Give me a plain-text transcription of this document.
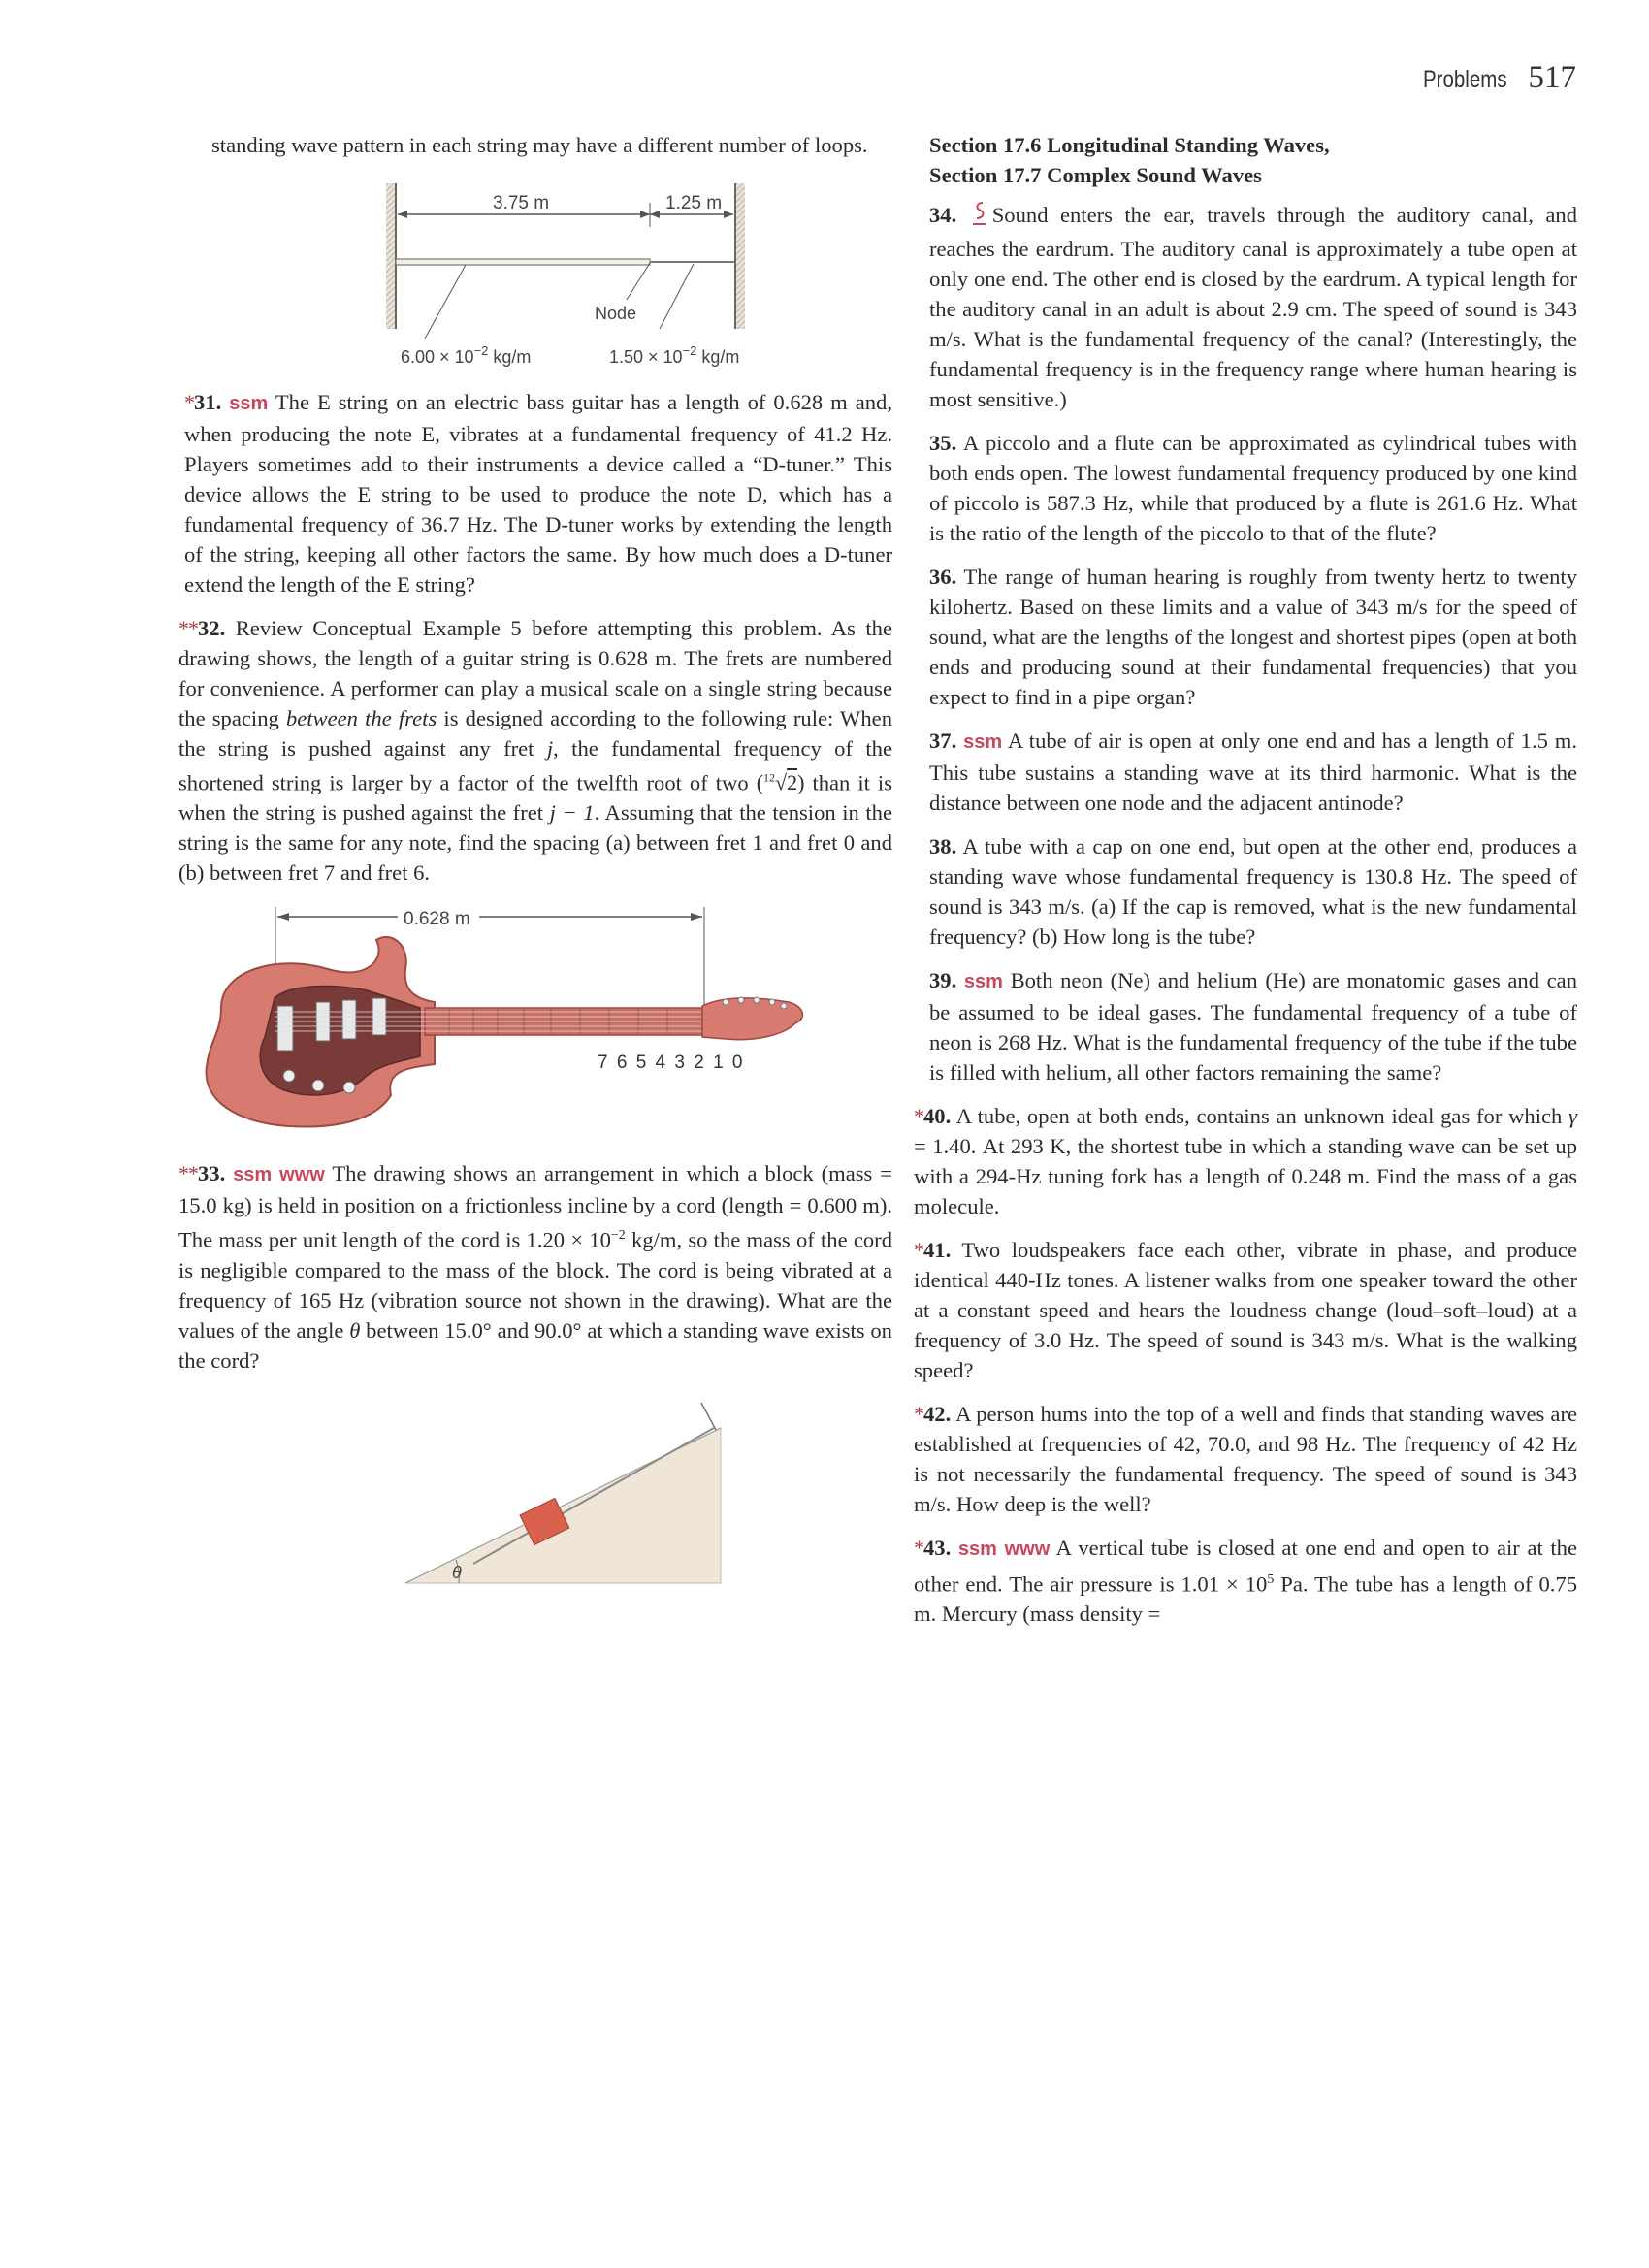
Problems 517

standing wave pattern in each string may have a different number of loops.

3.75 m	1.25 m
Node
$6.00 \times 10^{-2}$ kg/m	$1.50 \times 10^{-2}$ kg/m

*31. ssm The E string on an electric bass guitar has a length of 0.628 m and, when producing the note E, vibrates at a fundamental frequency of 41.2 Hz. Players sometimes add to their instruments a device called a “D-tuner.” This device allows the E string to be used to produce the note D, which has a fundamental frequency of 36.7 Hz. The D-tuner works by extending the length of the string, keeping all other factors the same. By how much does a D-tuner extend the length of the E string?

**32. Review Conceptual Example 5 before attempting this problem. As the drawing shows, the length of a guitar string is 0.628 m. The frets are numbered for convenience. A performer can play a musical scale on a single string because the spacing between the frets is designed according to the following rule: When the string is pushed against any fret j, the fundamental frequency of the shortened string is larger by a factor of the twelfth root of two ($^{12}$√2) than it is when the string is pushed against the fret j − 1. Assuming that the tension in the string is the same for any note, find the spacing (a) between fret 1 and fret 0 and (b) between fret 7 and fret 6.

0.628 m
7 6 5 4 3 2 1 0

**33. ssm www The drawing shows an arrangement in which a block (mass = 15.0 kg) is held in position on a frictionless incline by a cord (length = 0.600 m). The mass per unit length of the cord is $1.20 \times 10^{-2}$ kg/m, so the mass of the cord is negligible compared to the mass of the block. The cord is being vibrated at a frequency of 165 Hz (vibration source not shown in the drawing). What are the values of the angle θ between 15.0° and 90.0° at which a standing wave exists on the cord?

θ
Section 17.6 Longitudinal Standing Waves,
Section 17.7 Complex Sound Waves

34. Sound enters the ear, travels through the auditory canal, and reaches the eardrum. The auditory canal is approximately a tube open at only one end. The other end is closed by the eardrum. A typical length for the auditory canal in an adult is about 2.9 cm. The speed of sound is 343 m/s. What is the fundamental frequency of the canal? (Interestingly, the fundamental frequency is in the frequency range where human hearing is most sensitive.)

35. A piccolo and a flute can be approximated as cylindrical tubes with both ends open. The lowest fundamental frequency produced by one kind of piccolo is 587.3 Hz, while that produced by a flute is 261.6 Hz. What is the ratio of the length of the piccolo to that of the flute?

36. The range of human hearing is roughly from twenty hertz to twenty kilohertz. Based on these limits and a value of 343 m/s for the speed of sound, what are the lengths of the longest and shortest pipes (open at both ends and producing sound at their fundamental frequencies) that you expect to find in a pipe organ?

37. ssm A tube of air is open at only one end and has a length of 1.5 m. This tube sustains a standing wave at its third harmonic. What is the distance between one node and the adjacent antinode?

38. A tube with a cap on one end, but open at the other end, produces a standing wave whose fundamental frequency is 130.8 Hz. The speed of sound is 343 m/s. (a) If the cap is removed, what is the new fundamental frequency? (b) How long is the tube?

39. ssm Both neon (Ne) and helium (He) are monatomic gases and can be assumed to be ideal gases. The fundamental frequency of a tube of neon is 268 Hz. What is the fundamental frequency of the tube if the tube is filled with helium, all other factors remaining the same?

*40. A tube, open at both ends, contains an unknown ideal gas for which γ = 1.40. At 293 K, the shortest tube in which a standing wave can be set up with a 294-Hz tuning fork has a length of 0.248 m. Find the mass of a gas molecule.

*41. Two loudspeakers face each other, vibrate in phase, and produce identical 440-Hz tones. A listener walks from one speaker toward the other at a constant speed and hears the loudness change (loud–soft–loud) at a frequency of 3.0 Hz. The speed of sound is 343 m/s. What is the walking speed?

*42. A person hums into the top of a well and finds that standing waves are established at frequencies of 42, 70.0, and 98 Hz. The frequency of 42 Hz is not necessarily the fundamental frequency. The speed of sound is 343 m/s. How deep is the well?

*43. ssm www A vertical tube is closed at one end and open to air at the other end. The air pressure is $1.01 \times 10^5$ Pa. The tube has a length of 0.75 m. Mercury (mass density =
